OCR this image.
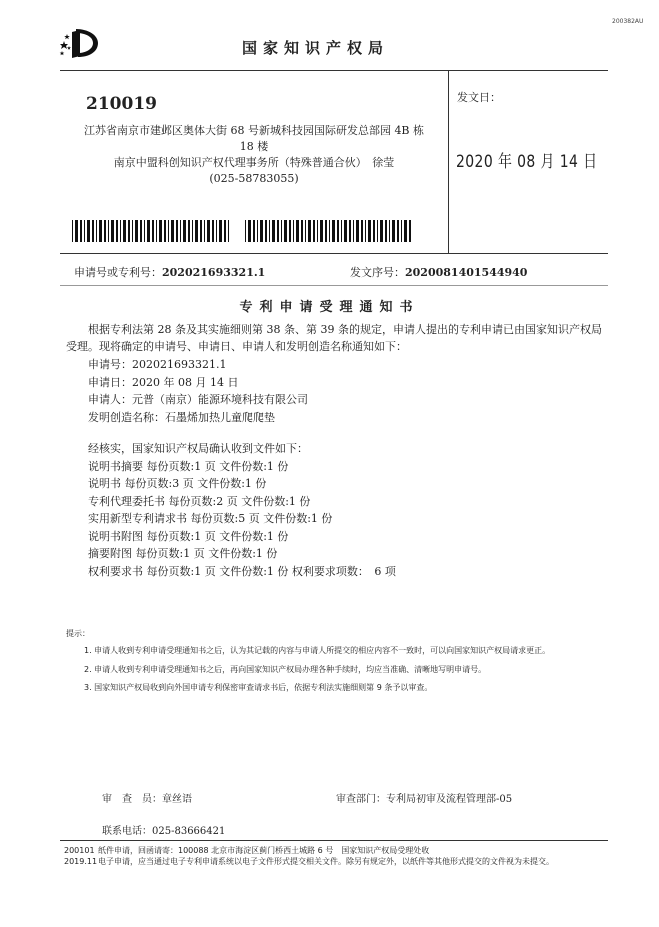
200382AU
国家知识产权局
210019
江苏省南京市建邺区奥体大街 68 号新城科技园国际研发总部园 4B 栋
18 楼
南京中盟科创知识产权代理事务所（特殊普通合伙）　徐莹
(025-58783055)
发文日：
2020 年 08 月 14 日
申请号或专利号：202021693321.1	发文序号：2020081401544940
专利申请受理通知书
根据专利法第 28 条及其实施细则第 38 条、第 39 条的规定，申请人提出的专利申请已由国家知识产权局受理。现将确定的申请号、申请日、申请人和发明创造名称通知如下：
申请号：202021693321.1
申请日：2020 年 08 月 14 日
申请人：元普（南京）能源环境科技有限公司
发明创造名称：石墨烯加热儿童爬爬垫
经核实，国家知识产权局确认收到文件如下：
说明书摘要 每份页数:1 页 文件份数:1 份
说明书 每份页数:3 页 文件份数:1 份
专利代理委托书 每份页数:2 页 文件份数:1 份
实用新型专利请求书 每份页数:5 页 文件份数:1 份
说明书附图 每份页数:1 页 文件份数:1 份
摘要附图 每份页数:1 页 文件份数:1 份
权利要求书 每份页数:1 页 文件份数:1 份 权利要求项数：　6 项
提示：
1. 申请人收到专利申请受理通知书之后，认为其记载的内容与申请人所提交的相应内容不一致时，可以向国家知识产权局请求更正。
2. 申请人收到专利申请受理通知书之后，再向国家知识产权局办理各种手续时，均应当准确、清晰地写明申请号。
3. 国家知识产权局收到向外国申请专利保密审查请求书后，依据专利法实施细则第 9 条予以审查。
审　查　员：章丝语	审查部门：专利局初审及流程管理部-05
联系电话：025-83666421
200101
2019.11
纸件申请，回函请寄：100088 北京市海淀区蓟门桥西土城路 6 号　国家知识产权局受理处收
电子申请，应当通过电子专利申请系统以电子文件形式提交相关文件。除另有规定外，以纸件等其他形式提交的文件视为未提交。
